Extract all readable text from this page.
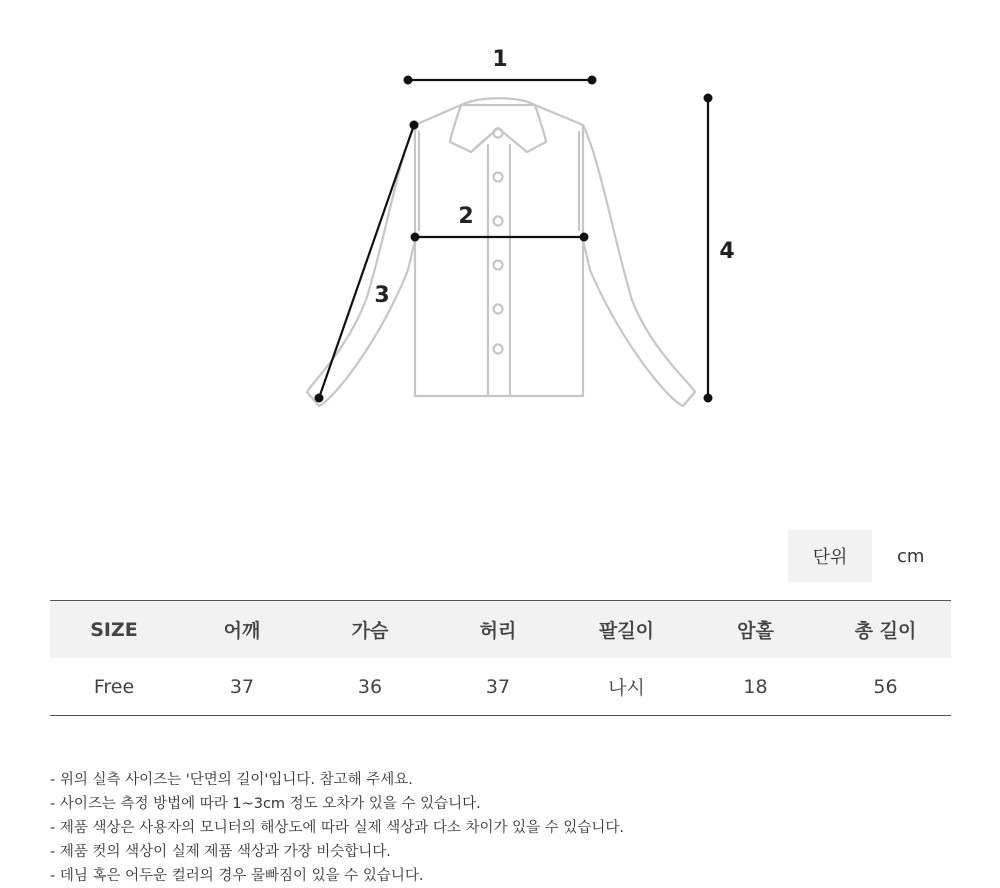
1
2
3
4
단위	cm
SIZE	어깨	가슴	허리	팔길이	암홀	총 길이
Free	37	36	37	나시	18	56
- 위의 실측 사이즈는 '단면의 길이'입니다. 참고해 주세요.
- 사이즈는 측정 방법에 따라 1~3cm 정도 오차가 있을 수 있습니다.
- 제품 색상은 사용자의 모니터의 해상도에 따라 실제 색상과 다소 차이가 있을 수 있습니다.
- 제품 컷의 색상이 실제 제품 색상과 가장 비슷합니다.
- 데님 혹은 어두운 컬러의 경우 물빠짐이 있을 수 있습니다.
